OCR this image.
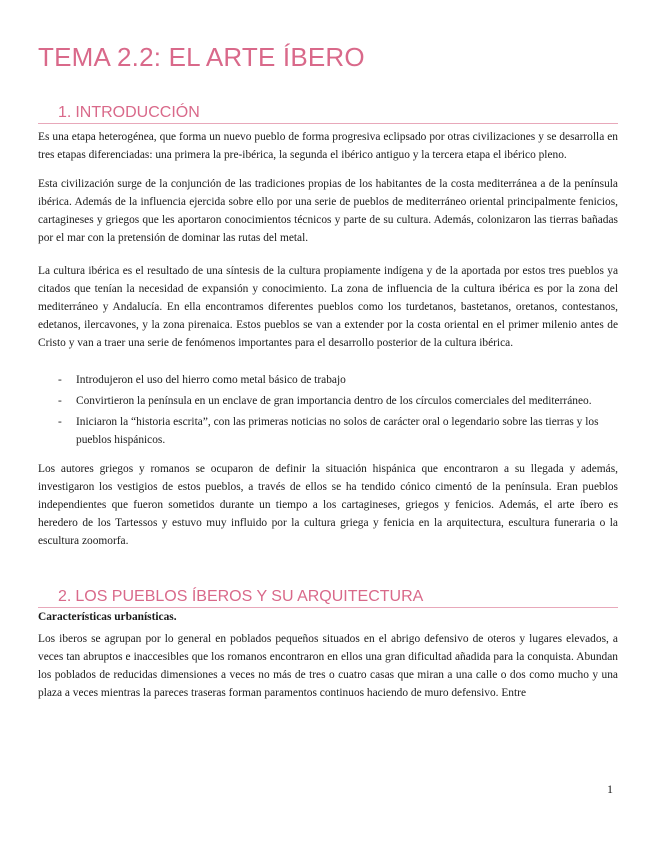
TEMA 2.2: EL ARTE ÍBERO
1. INTRODUCCIÓN

Es una etapa heterogénea, que forma un nuevo pueblo de forma progresiva eclipsado por otras civilizaciones y se desarrolla en tres etapas diferenciadas: una primera la pre-ibérica, la segunda el ibérico antiguo y la tercera etapa el ibérico pleno.

Esta civilización surge de la conjunción de las tradiciones propias de los habitantes de la costa mediterránea a de la península ibérica. Además de la influencia ejercida sobre ello por una serie de pueblos de mediterráneo oriental principalmente fenicios, cartagineses y griegos que les aportaron conocimientos técnicos y parte de su cultura. Además, colonizaron las tierras bañadas por el mar con la pretensión de dominar las rutas del metal.

La cultura ibérica es el resultado de una síntesis de la cultura propiamente indígena y de la aportada por estos tres pueblos ya citados que tenían la necesidad de expansión y conocimiento. La zona de influencia de la cultura ibérica es por la zona del mediterráneo y Andalucía. En ella encontramos diferentes pueblos como los turdetanos, bastetanos, oretanos, contestanos, edetanos, ilercavones, y la zona pirenaica. Estos pueblos se van a extender por la costa oriental en el primer milenio antes de Cristo y van a traer una serie de fenómenos importantes para el desarrollo posterior de la cultura ibérica.

- Introdujeron el uso del hierro como metal básico de trabajo
- Convirtieron la península en un enclave de gran importancia dentro de los círculos comerciales del mediterráneo.
- Iniciaron la “historia escrita”, con las primeras noticias no solos de carácter oral o legendario sobre las tierras y los pueblos hispánicos.

Los autores griegos y romanos se ocuparon de definir la situación hispánica que encontraron a su llegada y además, investigaron los vestigios de estos pueblos, a través de ellos se ha tendido cónico cimentó de la península. Eran pueblos independientes que fueron sometidos durante un tiempo a los cartagineses, griegos y fenicios. Además, el arte íbero es heredero de los Tartessos y estuvo muy influido por la cultura griega y fenicia en la arquitectura, escultura funeraria o la escultura zoomorfa.

2. LOS PUEBLOS ÍBEROS Y SU ARQUITECTURA

Características urbanísticas.

Los iberos se agrupan por lo general en poblados pequeños situados en el abrigo defensivo de oteros y lugares elevados, a veces tan abruptos e inaccesibles que los romanos encontraron en ellos una gran dificultad añadida para la conquista. Abundan los poblados de reducidas dimensiones a veces no más de tres o cuatro casas que miran a una calle o dos como mucho y una plaza a veces mientras la pareces traseras forman paramentos continuos haciendo de muro defensivo. Entre

1
